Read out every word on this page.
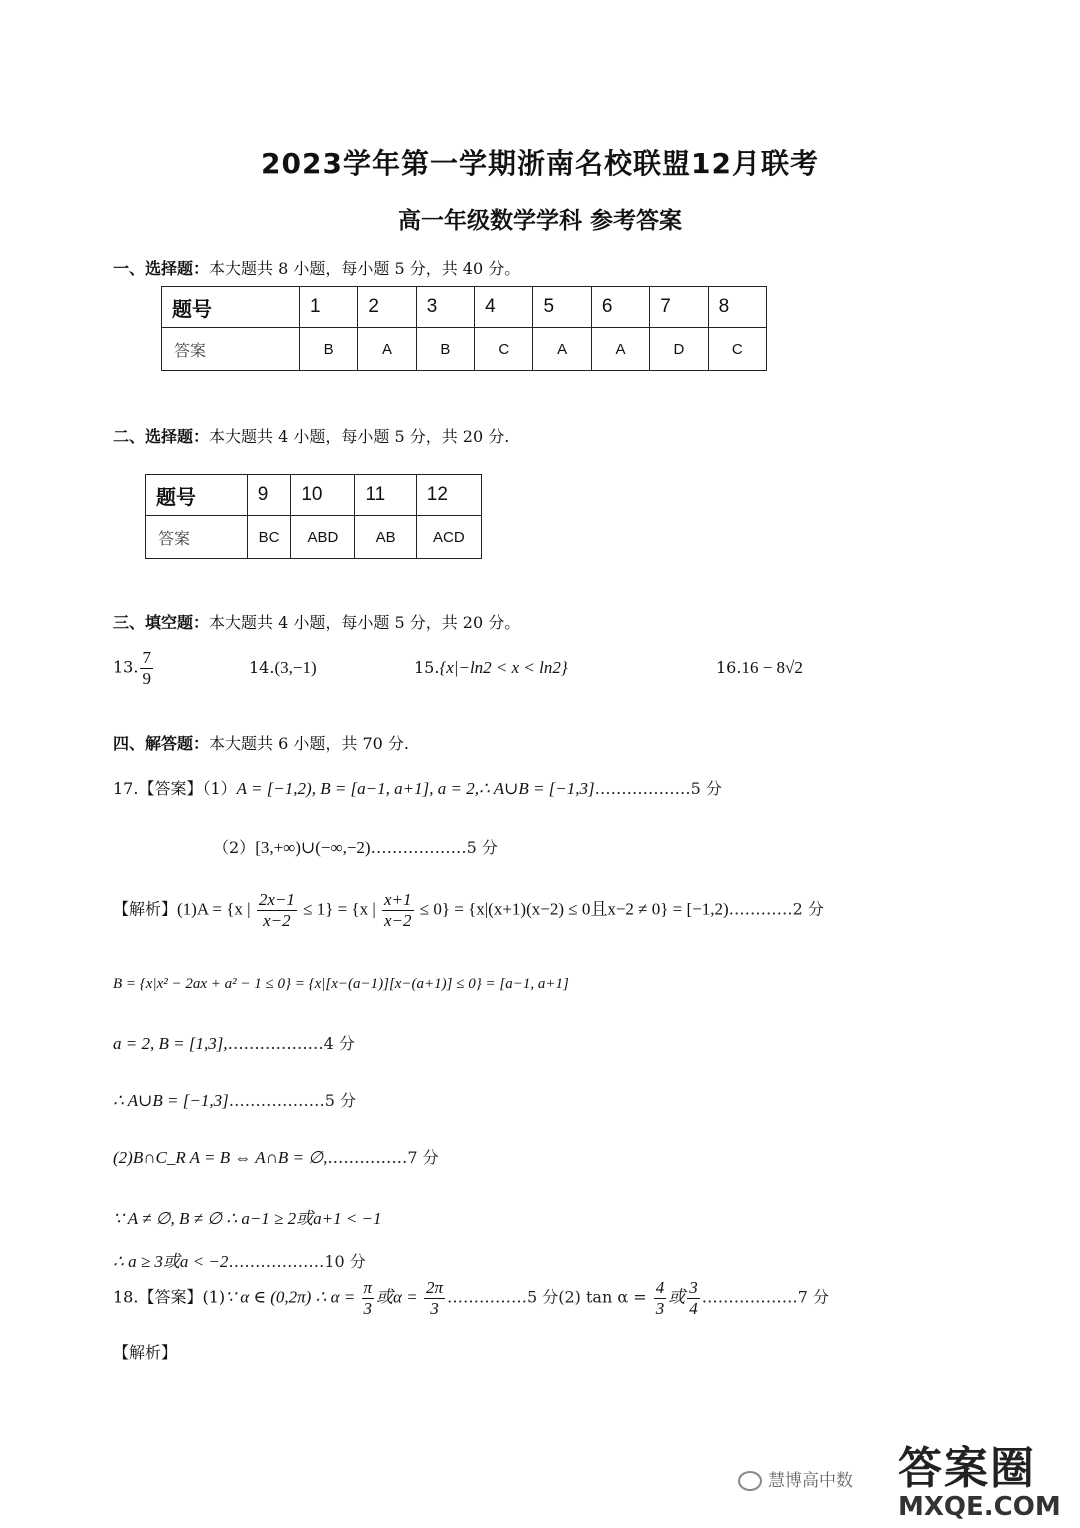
2023学年第一学期浙南名校联盟12月联考
高一年级数学学科 参考答案
一、选择题：本大题共 8 小题，每小题 5 分，共 40 分。
题号	1	2	3	4	5	6	7	8
答案	B	A	B	C	A	A	D	C
二、选择题：本大题共 4 小题，每小题 5 分，共 20 分.
题号	9	10	11	12
答案	BC	ABD	AB	ACD
三、填空题：本大题共 4 小题，每小题 5 分，共 20 分。
13. $\frac{7}{9}$	14.(3,−1)	15.{x|−ln2 < x < ln2}	16.16 − 8√2
四、解答题：本大题共 6 小题，共 70 分.
17.【答案】（1）A = [−1,2), B = [a−1, a+1], a = 2,∴ A∪B = [−1,3]………………5 分
（2）[3,+∞)∪(−∞,−2)………………5 分
【解析】(1)A = {x | $\frac{2x-1}{x-2} \le 1\} = \{x$ | $\frac{x+1}{x-2} \le 0\} = \{x|(x+1)(x-2) \le 0$且x−2 ≠ 0} = [−1,2)…………2 分
B = {x|x² − 2ax + a² − 1 ≤ 0} = {x|[x−(a−1)][x−(a+1)] ≤ 0} = [a−1, a+1]
a = 2, B = [1,3],………………4 分
∴ A∪B = [−1,3]………………5 分
(2)B∩C_R A = B ⇔ A∩B = ∅,……………7 分
∵ A ≠ ∅, B ≠ ∅ ∴ a−1 ≥ 2或a+1 < −1
∴ a ≥ 3或a < −2………………10 分
18.【答案】(1)∵ α ∈ (0,2π) ∴ $\alpha = \frac{\pi}{3}$ 或$\alpha = \frac{2\pi}{3}$ ……………5 分(2) $\tan \alpha = \frac{4}{3}$ 或 $\frac{3}{4}$ ………………7 分
【解析】
慧博高中数 答案圈
MXQE.COM
